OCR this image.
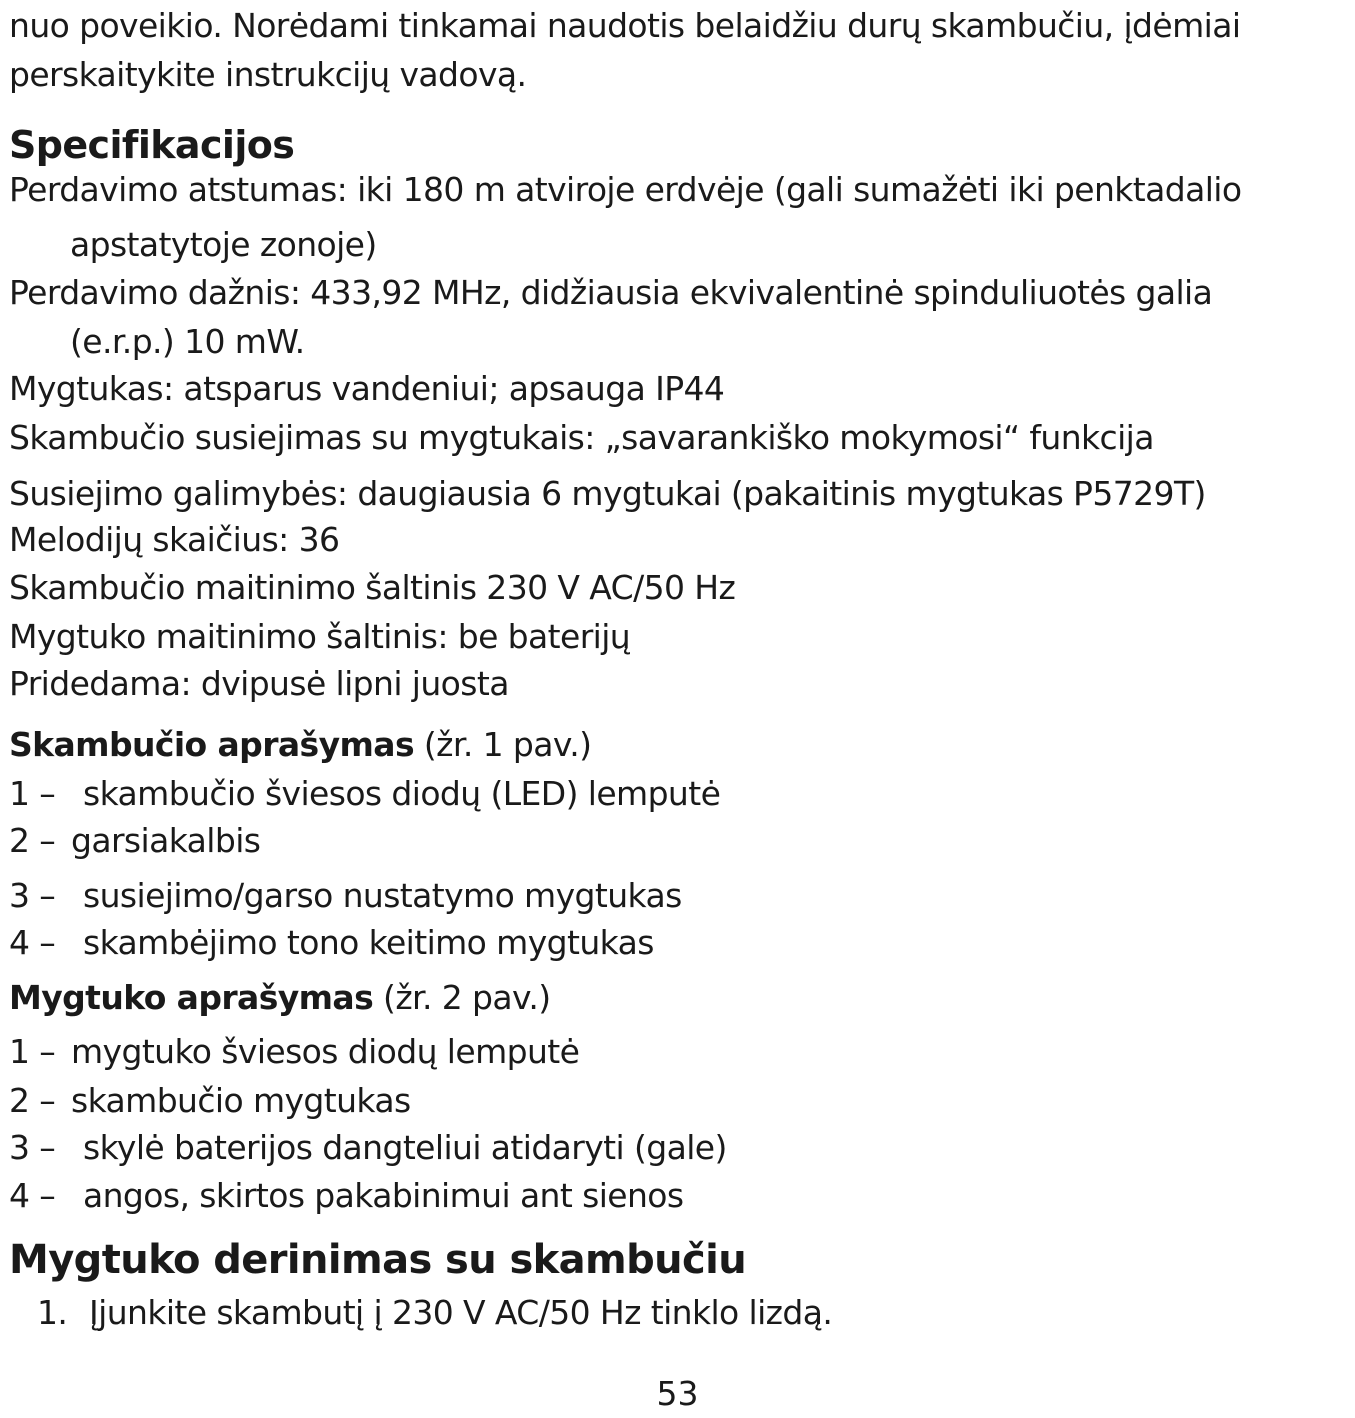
nuo poveikio. Norėdami tinkamai naudotis belaidžiu durų skambučiu, įdėmiai
perskaitykite instrukcijų vadovą.
Specifikacijos
Perdavimo atstumas: iki 180 m atviroje erdvėje (gali sumažėti iki penktadalio
apstatytoje zonoje)
Perdavimo dažnis: 433,92 MHz, didžiausia ekvivalentinė spinduliuotės galia
(e.r.p.) 10 mW.
Mygtukas: atsparus vandeniui; apsauga IP44
Skambučio susiejimas su mygtukais: „savarankiško mokymosi“ funkcija
Susiejimo galimybės: daugiausia 6 mygtukai (pakaitinis mygtukas P5729T)
Melodijų skaičius: 36
Skambučio maitinimo šaltinis 230 V AC/50 Hz
Mygtuko maitinimo šaltinis: be baterijų
Pridedama: dvipusė lipni juosta
Skambučio aprašymas (žr. 1 pav.)
1 – skambučio šviesos diodų (LED) lemputė
2 – garsiakalbis
3 – susiejimo/garso nustatymo mygtukas
4 – skambėjimo tono keitimo mygtukas
Mygtuko aprašymas (žr. 2 pav.)
1 – mygtuko šviesos diodų lemputė
2 – skambučio mygtukas
3 – skylė baterijos dangteliui atidaryti (gale)
4 – angos, skirtos pakabinimui ant sienos
Mygtuko derinimas su skambučiu
1. Įjunkite skambutį į 230 V AC/50 Hz tinklo lizdą.
53
